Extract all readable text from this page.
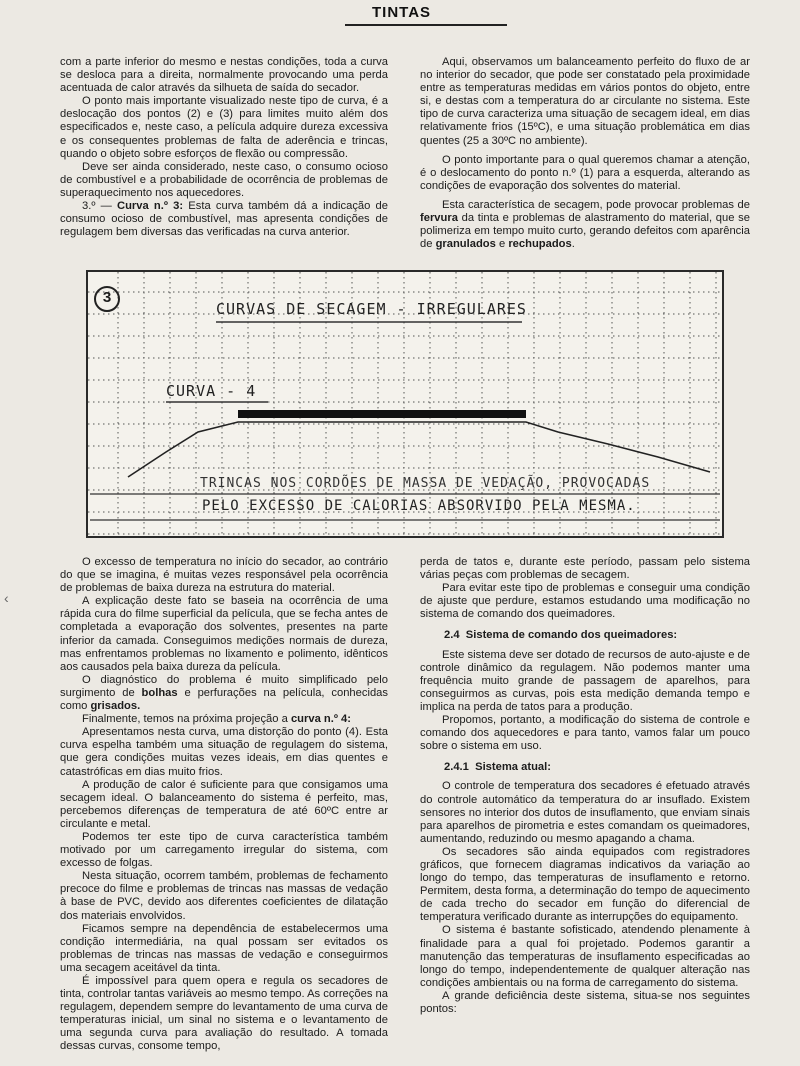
TINTAS

com a parte inferior do mesmo e nestas condições, toda a curva se desloca para a direita, normalmente provocando uma perda acentuada de calor através da silhueta de saída do secador.

O ponto mais importante visualizado neste tipo de curva, é a deslocação dos pontos (2) e (3) para limites muito além dos especificados e, neste caso, a película adquire dureza excessiva e os consequentes problemas de falta de aderência e trincas, quando o objeto sobre esforços de flexão ou compressão.

Deve ser ainda considerado, neste caso, o consumo ocioso de combustível e a probabilidade de ocorrência de problemas de superaquecimento nos aquecedores.

3.º — Curva n.º 3: Esta curva também dá a indicação de consumo ocioso de combustível, mas apresenta condições de regulagem bem diversas das verificadas na curva anterior.

Aqui, observamos um balanceamento perfeito do fluxo de ar no interior do secador, que pode ser constatado pela proximidade entre as temperaturas medidas em vários pontos do objeto, entre si, e destas com a temperatura do ar circulante no sistema. Este tipo de curva caracteriza uma situação de secagem ideal, em dias relativamente frios (15ºC), e uma situação problemática em dias quentes (25 a 30ºC no ambiente).

O ponto importante para o qual queremos chamar a atenção, é o deslocamento do ponto n.º (1) para a esquerda, alterando as condições de evaporação dos solventes do material.

Esta característica de secagem, pode provocar problemas de fervura da tinta e problemas de alastramento do material, que se polimeriza em tempo muito curto, gerando defeitos com aparência de granulados e rechupados.

3
CURVAS DE SECAGEM - IRREGULARES
CURVA - 4
TRINCAS NOS CORDÕES DE MASSA DE VEDAÇÃO, PROVOCADAS
PELO EXCESSO DE CALORIAS ABSORVIDO PELA MESMA.

O excesso de temperatura no início do secador, ao contrário do que se imagina, é muitas vezes responsável pela ocorrência de problemas de baixa dureza na estrutura do material.

A explicação deste fato se baseia na ocorrência de uma rápida cura do filme superficial da película, que se fecha antes de completada a evaporação dos solventes, presentes na parte inferior da camada. Conseguimos medições normais de dureza, mas enfrentamos problemas no lixamento e polimento, idênticos aos causados pela baixa dureza da película.

O diagnóstico do problema é muito simplificado pelo surgimento de bolhas e perfurações na película, conhecidas como grisados.

Finalmente, temos na próxima projeção a curva n.º 4:

Apresentamos nesta curva, uma distorção do ponto (4). Esta curva espelha também uma situação de regulagem do sistema, que gera condições muitas vezes ideais, em dias quentes e catastróficas em dias muito frios.

A produção de calor é suficiente para que consigamos uma secagem ideal. O balanceamento do sistema é perfeito, mas, percebemos diferenças de temperatura de até 60ºC entre ar circulante e metal.

Podemos ter este tipo de curva característica também motivado por um carregamento irregular do sistema, com excesso de folgas.

Nesta situação, ocorrem também, problemas de fechamento precoce do filme e problemas de trincas nas massas de vedação à base de PVC, devido aos diferentes coeficientes de dilatação dos materiais envolvidos.

Ficamos sempre na dependência de estabelecermos uma condição intermediária, na qual possam ser evitados os problemas de trincas nas massas de vedação e conseguirmos uma secagem aceitável da tinta.

É impossível para quem opera e regula os secadores de tinta, controlar tantas variáveis ao mesmo tempo. As correções na regulagem, dependem sempre do levantamento de uma curva de temperaturas inicial, um sinal no sistema e o levantamento de uma segunda curva para avaliação do resultado. A tomada dessas curvas, consome tempo,

perda de tatos e, durante este período, passam pelo sistema várias peças com problemas de secagem.

Para evitar este tipo de problemas e conseguir uma condição de ajuste que perdure, estamos estudando uma modificação no sistema de comando dos queimadores.

2.4 Sistema de comando dos queimadores:

Este sistema deve ser dotado de recursos de auto-ajuste e de controle dinâmico da regulagem. Não podemos manter uma frequência muito grande de passagem de aparelhos, para conseguirmos as curvas, pois esta medição demanda tempo e implica na perda de tatos para a produção.

Propomos, portanto, a modificação do sistema de controle e comando dos aquecedores e para tanto, vamos falar um pouco sobre o sistema em uso.

2.4.1 Sistema atual:

O controle de temperatura dos secadores é efetuado através do controle automático da temperatura do ar insuflado. Existem sensores no interior dos dutos de insuflamento, que enviam sinais para aparelhos de pirometria e estes comandam os queimadores, aumentando, reduzindo ou mesmo apagando a chama.

Os secadores são ainda equipados com registradores gráficos, que fornecem diagramas indicativos da variação ao longo do tempo, das temperaturas de insuflamento e retorno. Permitem, desta forma, a determinação do tempo de aquecimento de cada trecho do secador em função do diferencial de temperatura verificado durante as interrupções do equipamento.

O sistema é bastante sofisticado, atendendo plenamente à finalidade para a qual foi projetado. Podemos garantir a manutenção das temperaturas de insuflamento especificadas ao longo do tempo, independentemente de qualquer alteração nas condições ambientais ou na forma de carregamento do sistema.

A grande deficiência deste sistema, situa-se nos seguintes pontos:

‹
